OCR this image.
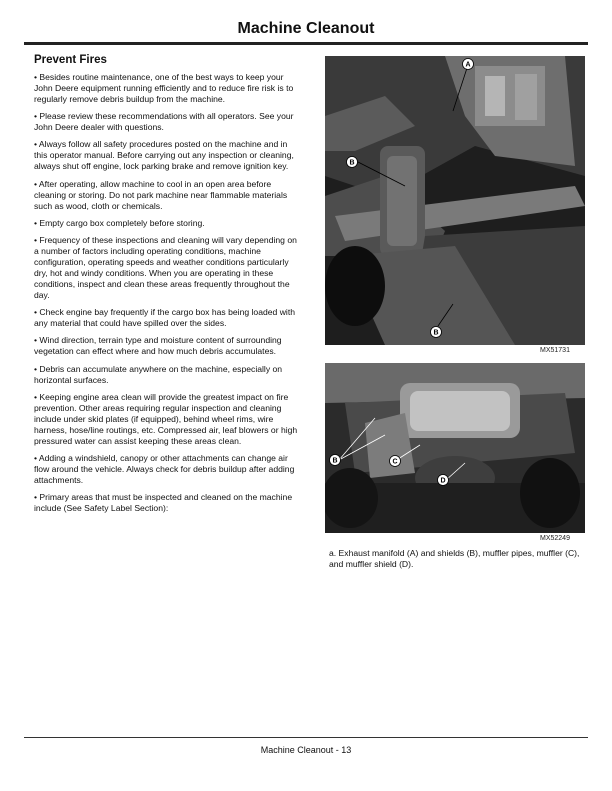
Machine Cleanout
Prevent Fires

• Besides routine maintenance, one of the best ways to keep your John Deere equipment running efficiently and to reduce fire risk is to regularly remove debris buildup from the machine.

• Please review these recommendations with all operators. See your John Deere dealer with questions.

• Always follow all safety procedures posted on the machine and in this operator manual. Before carrying out any inspection or cleaning, always shut off engine, lock parking brake and remove ignition key.

• After operating, allow machine to cool in an open area before cleaning or storing. Do not park machine near flammable materials such as wood, cloth or chemicals.

• Empty cargo box completely before storing.

• Frequency of these inspections and cleaning will vary depending on a number of factors including operating conditions, machine configuration, operating speeds and weather conditions particularly dry, hot and windy conditions. When you are operating in these conditions, inspect and clean these areas frequently throughout the day.

• Check engine bay frequently if the cargo box has being loaded with any material that could have spilled over the sides.

• Wind direction, terrain type and moisture content of surrounding vegetation can effect where and how much debris accumulates.

• Debris can accumulate anywhere on the machine, especially on horizontal surfaces.

• Keeping engine area clean will provide the greatest impact on fire prevention. Other areas requiring regular inspection and cleaning include under skid plates (if equipped), behind wheel rims, wire harness, hose/line routings, etc. Compressed air, leaf blowers or high pressured water can assist keeping these areas clean.

• Adding a windshield, canopy or other attachments can change air flow around the vehicle. Always check for debris buildup after adding attachments.

• Primary areas that must be inspected and cleaned on the machine include (See Safety Label Section):

A
B
B
MX51731
B	C
D
MX52249
a. Exhaust manifold (A) and shields (B), muffler pipes, muffler (C), and muffler shield (D).
Machine Cleanout - 13
